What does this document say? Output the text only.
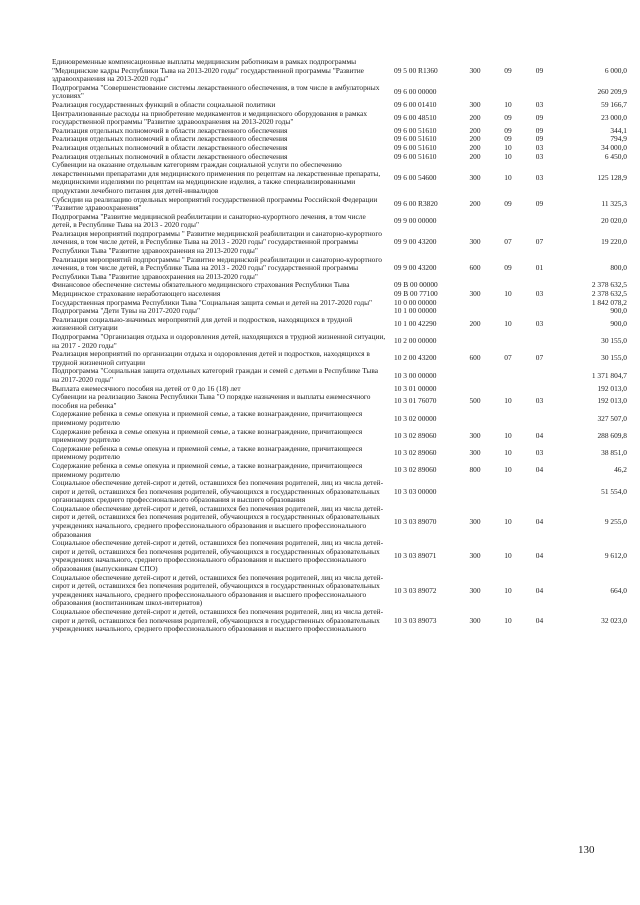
Единовременные компенсационные выплаты медицинским работникам в рамках подпрограммы "Медицинские кадры Республики Тыва на 2013-2020 годы" государственной программы "Развитие здравоохранения на 2013-2020 годы"	09 5 00 R1360	300	09	09	6 000,0
Подпрограмма "Совершенствование системы лекарственного обеспечения, в том числе в амбулаторных условиях"	09 6 00 00000				260 209,9
Реализация государственных функций в области социальной политики	09 6 00 01410	300	10	03	59 166,7
Централизованные расходы на приобретение медикаментов и медицинского оборудования в рамках государственной программы "Развитие здравоохранения на 2013-2020 годы"	09 6 00 48510	200	09	09	23 000,0
Реализация отдельных полномочий в области лекарственного обеспечения	09 6 00 51610	200	09	09	344,1
Реализация отдельных полномочий в области лекарственного обеспечения	09 6 00 51610	200	09	09	794,9
Реализация отдельных полномочий в области лекарственного обеспечения	09 6 00 51610	200	10	03	34 000,0
Реализация отдельных полномочий в области лекарственного обеспечения	09 6 00 51610	200	10	03	6 450,0
Субвенции на оказание отдельным категориям граждан социальной услуги по обеспечению лекарственными препаратами для медицинского применения по рецептам на лекарственные препараты, медицинскими изделиями по рецептам на медицинские изделия, а также специализированными продуктами лечебного питания для детей-инвалидов	09 6 00 54600	300	10	03	125 128,9
Субсидии на реализацию отдельных мероприятий государственной программы Российской Федерации "Развитие здравоохранения"	09 6 00 R3820	200	09	09	11 325,3
Подпрограмма "Развитие медицинской реабилитации и санаторно-курортного лечения, в том числе детей, в Республике Тыва на 2013 - 2020 годы"	09 9 00 00000				20 020,0
Реализация мероприятий подпрограммы " Развитие медицинской реабилитации и санаторно-курортного лечения, в том числе детей, в Республике Тыва на 2013 - 2020 годы" государственной программы Республики Тыва "Развитие здравоохранения на 2013-2020 годы"	09 9 00 43200	300	07	07	19 220,0
Реализация мероприятий подпрограммы " Развитие медицинской реабилитации и санаторно-курортного лечения, в том числе детей, в Республике Тыва на 2013 - 2020 годы" государственной программы Республики Тыва "Развитие здравоохранения на 2013-2020 годы"	09 9 00 43200	600	09	01	800,0
Финансовое обеспечение системы обязательного медицинского страхования Республики Тыва	09 В 00 00000				2 378 632,5
Медицинское страхование неработающего населения	09 В 00 77100	300	10	03	2 378 632,5
Государственная программа Республики Тыва "Социальная защита семьи и детей на 2017-2020 годы"	10 0 00 00000				1 842 078,2
Подпрограмма "Дети Тувы на 2017-2020 годы"	10 1 00 00000				900,0
Реализация социально-значимых мероприятий для детей и подростков, находящихся в трудной жизненной ситуации	10 1 00 42290	200	10	03	900,0
Подпрограмма "Организация отдыха и оздоровления детей, находящихся в трудной жизненной ситуации, на 2017 - 2020 годы"	10 2 00 00000				30 155,0
Реализация мероприятий по организации отдыха и оздоровления детей и подростков, находящихся в трудной жизненной ситуации	10 2 00 43200	600	07	07	30 155,0
Подпрограмма "Социальная защита отдельных категорий граждан и семей с детьми в Республике Тыва на 2017-2020 годы"	10 3 00 00000				1 371 804,7
Выплата ежемесячного пособия на детей от 0 до 16 (18) лет	10 3 01 00000				192 013,0
Субвенции на реализацию Закона Республики Тыва "О порядке назначения и выплаты ежемесячного пособия на ребенка"	10 3 01 76070	500	10	03	192 013,0
Содержание ребенка в семье опекуна и приемной семье, а также вознаграждение, причитающееся приемному родителю	10 3 02 00000				327 507,0
Содержание ребенка в семье опекуна и приемной семье, а также вознаграждение, причитающееся приемному родителю	10 3 02 89060	300	10	04	288 609,8
Содержание ребенка в семье опекуна и приемной семье, а также вознаграждение, причитающееся приемному родителю	10 3 02 89060	300	10	03	38 851,0
Содержание ребенка в семье опекуна и приемной семье, а также вознаграждение, причитающееся приемному родителю	10 3 02 89060	800	10	04	46,2
Социальное обеспечение детей-сирот и детей, оставшихся без попечения родителей, лиц из числа детей-сирот и детей, оставшихся без попечения родителей, обучающихся в государственных образовательных организациях среднего профессионального образования и высшего образования	10 3 03 00000				51 554,0
Социальное обеспечение детей-сирот и детей, оставшихся без попечения родителей, лиц из числа детей-сирот и детей, оставшихся без попечения родителей, обучающихся в государственных образовательных учреждениях начального, среднего профессионального образования и высшего профессионального образования	10 3 03 89070	300	10	04	9 255,0
Социальное обеспечение детей-сирот и детей, оставшихся без попечения родителей, лиц из числа детей-сирот и детей, оставшихся без попечения родителей, обучающихся в государственных образовательных учреждениях начального, среднего профессионального образования и высшего профессионального образования (выпускникам СПО)	10 3 03 89071	300	10	04	9 612,0
Социальное обеспечение детей-сирот и детей, оставшихся без попечения родителей, лиц из числа детей-сирот и детей, оставшихся без попечения родителей, обучающихся в государственных образовательных учреждениях начального, среднего профессионального образования и высшего профессионального образования (воспитанникам школ-интернатов)	10 3 03 89072	300	10	04	664,0
Социальное обеспечение детей-сирот и детей, оставшихся без попечения родителей, лиц из числа детей-сирот и детей, оставшихся без попечения родителей, обучающихся в государственных образовательных учреждениях начального, среднего профессионального образования и высшего профессионального	10 3 03 89073	300	10	04	32 023,0
130
